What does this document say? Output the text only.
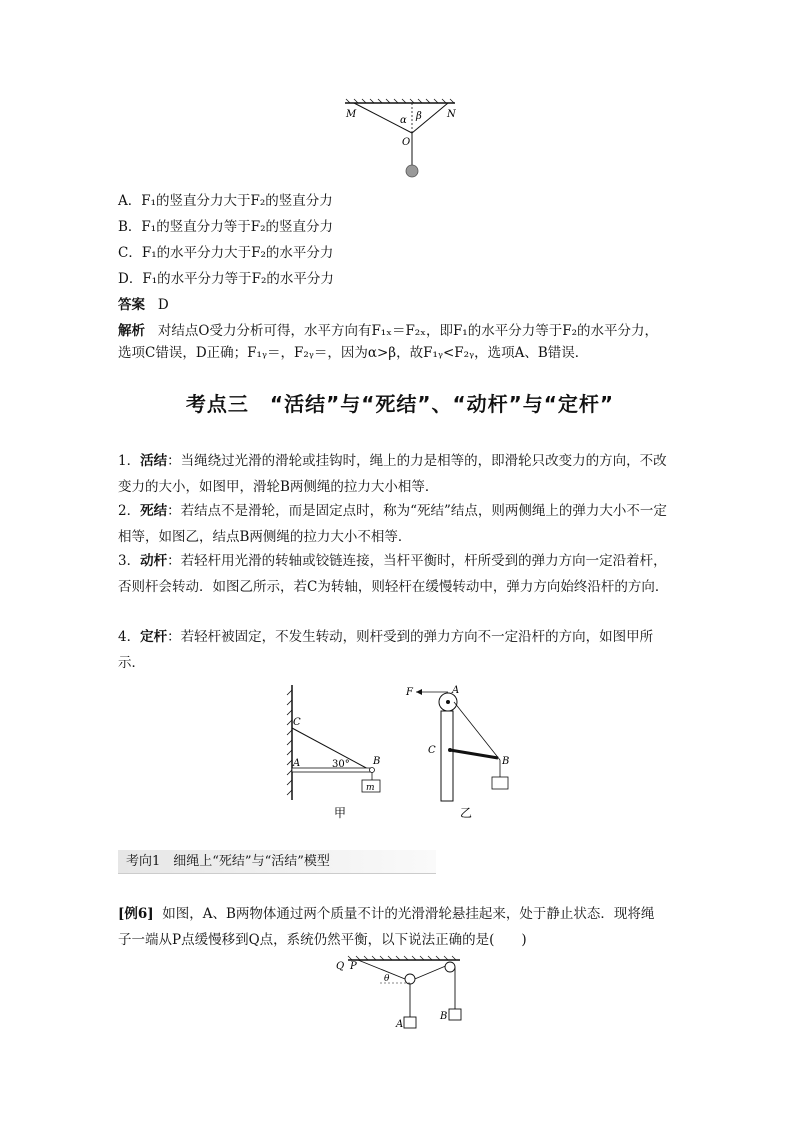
M	N
α β
O
A．F₁的竖直分力大于F₂的竖直分力
B．F₁的竖直分力等于F₂的竖直分力
C．F₁的水平分力大于F₂的水平分力
D．F₁的水平分力等于F₂的水平分力
答案 D
解析 对结点O受力分析可得，水平方向有F₁ₓ＝F₂ₓ，即F₁的水平分力等于F₂的水平分力，
选项C错误，D正确；F₁ᵧ＝，F₂ᵧ＝，因为α>β，故F₁ᵧ<F₂ᵧ，选项A、B错误．
考点三　“活结”与“死结”、“动杆”与“定杆”
1．活结：当绳绕过光滑的滑轮或挂钩时，绳上的力是相等的，即滑轮只改变力的方向，不改变力的大小，如图甲，滑轮B两侧绳的拉力大小相等．
2．死结：若结点不是滑轮，而是固定点时，称为“死结”结点，则两侧绳上的弹力大小不一定相等，如图乙，结点B两侧绳的拉力大小不相等．
3．动杆：若轻杆用光滑的转轴或铰链连接，当杆平衡时，杆所受到的弹力方向一定沿着杆，否则杆会转动．如图乙所示，若C为转轴，则轻杆在缓慢转动中，弹力方向始终沿杆的方向．
4．定杆：若轻杆被固定，不发生转动，则杆受到的弹力方向不一定沿杆的方向，如图甲所示．
C
A	B
30°
m
甲
F	A
C
B
乙
考向1　细绳上“死结”与“活结”模型
[例6] 如图，A、B两物体通过两个质量不计的光滑滑轮悬挂起来，处于静止状态．现将绳
子一端从P点缓慢移到Q点，系统仍然平衡，以下说法正确的是(　　)
Q P
θ
A
B
